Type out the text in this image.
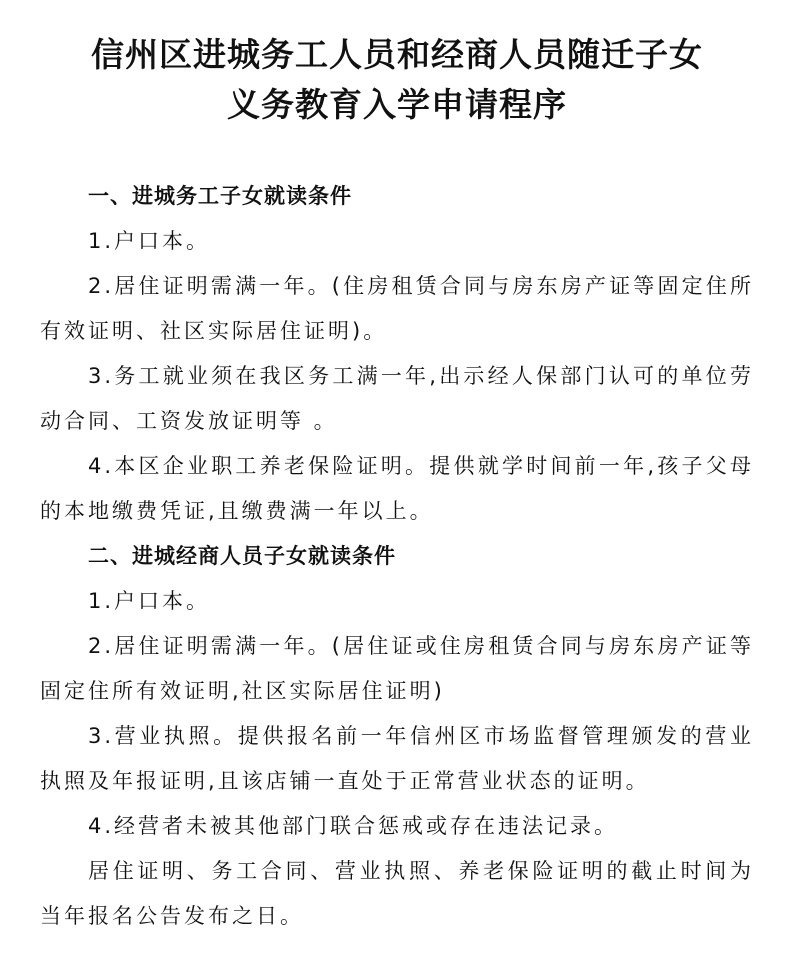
信州区进城务工人员和经商人员随迁子女
义务教育入学申请程序

一、进城务工子女就读条件

1.户口本。

2.居住证明需满一年。(住房租赁合同与房东房产证等固定住所有效证明、社区实际居住证明)。

3.务工就业须在我区务工满一年,出示经人保部门认可的单位劳动合同、工资发放证明等 。

4.本区企业职工养老保险证明。提供就学时间前一年,孩子父母的本地缴费凭证,且缴费满一年以上。

二、进城经商人员子女就读条件

1.户口本。

2.居住证明需满一年。(居住证或住房租赁合同与房东房产证等固定住所有效证明,社区实际居住证明)

3.营业执照。提供报名前一年信州区市场监督管理颁发的营业执照及年报证明,且该店铺一直处于正常营业状态的证明。

4.经营者未被其他部门联合惩戒或存在违法记录。

居住证明、务工合同、营业执照、养老保险证明的截止时间为当年报名公告发布之日。
